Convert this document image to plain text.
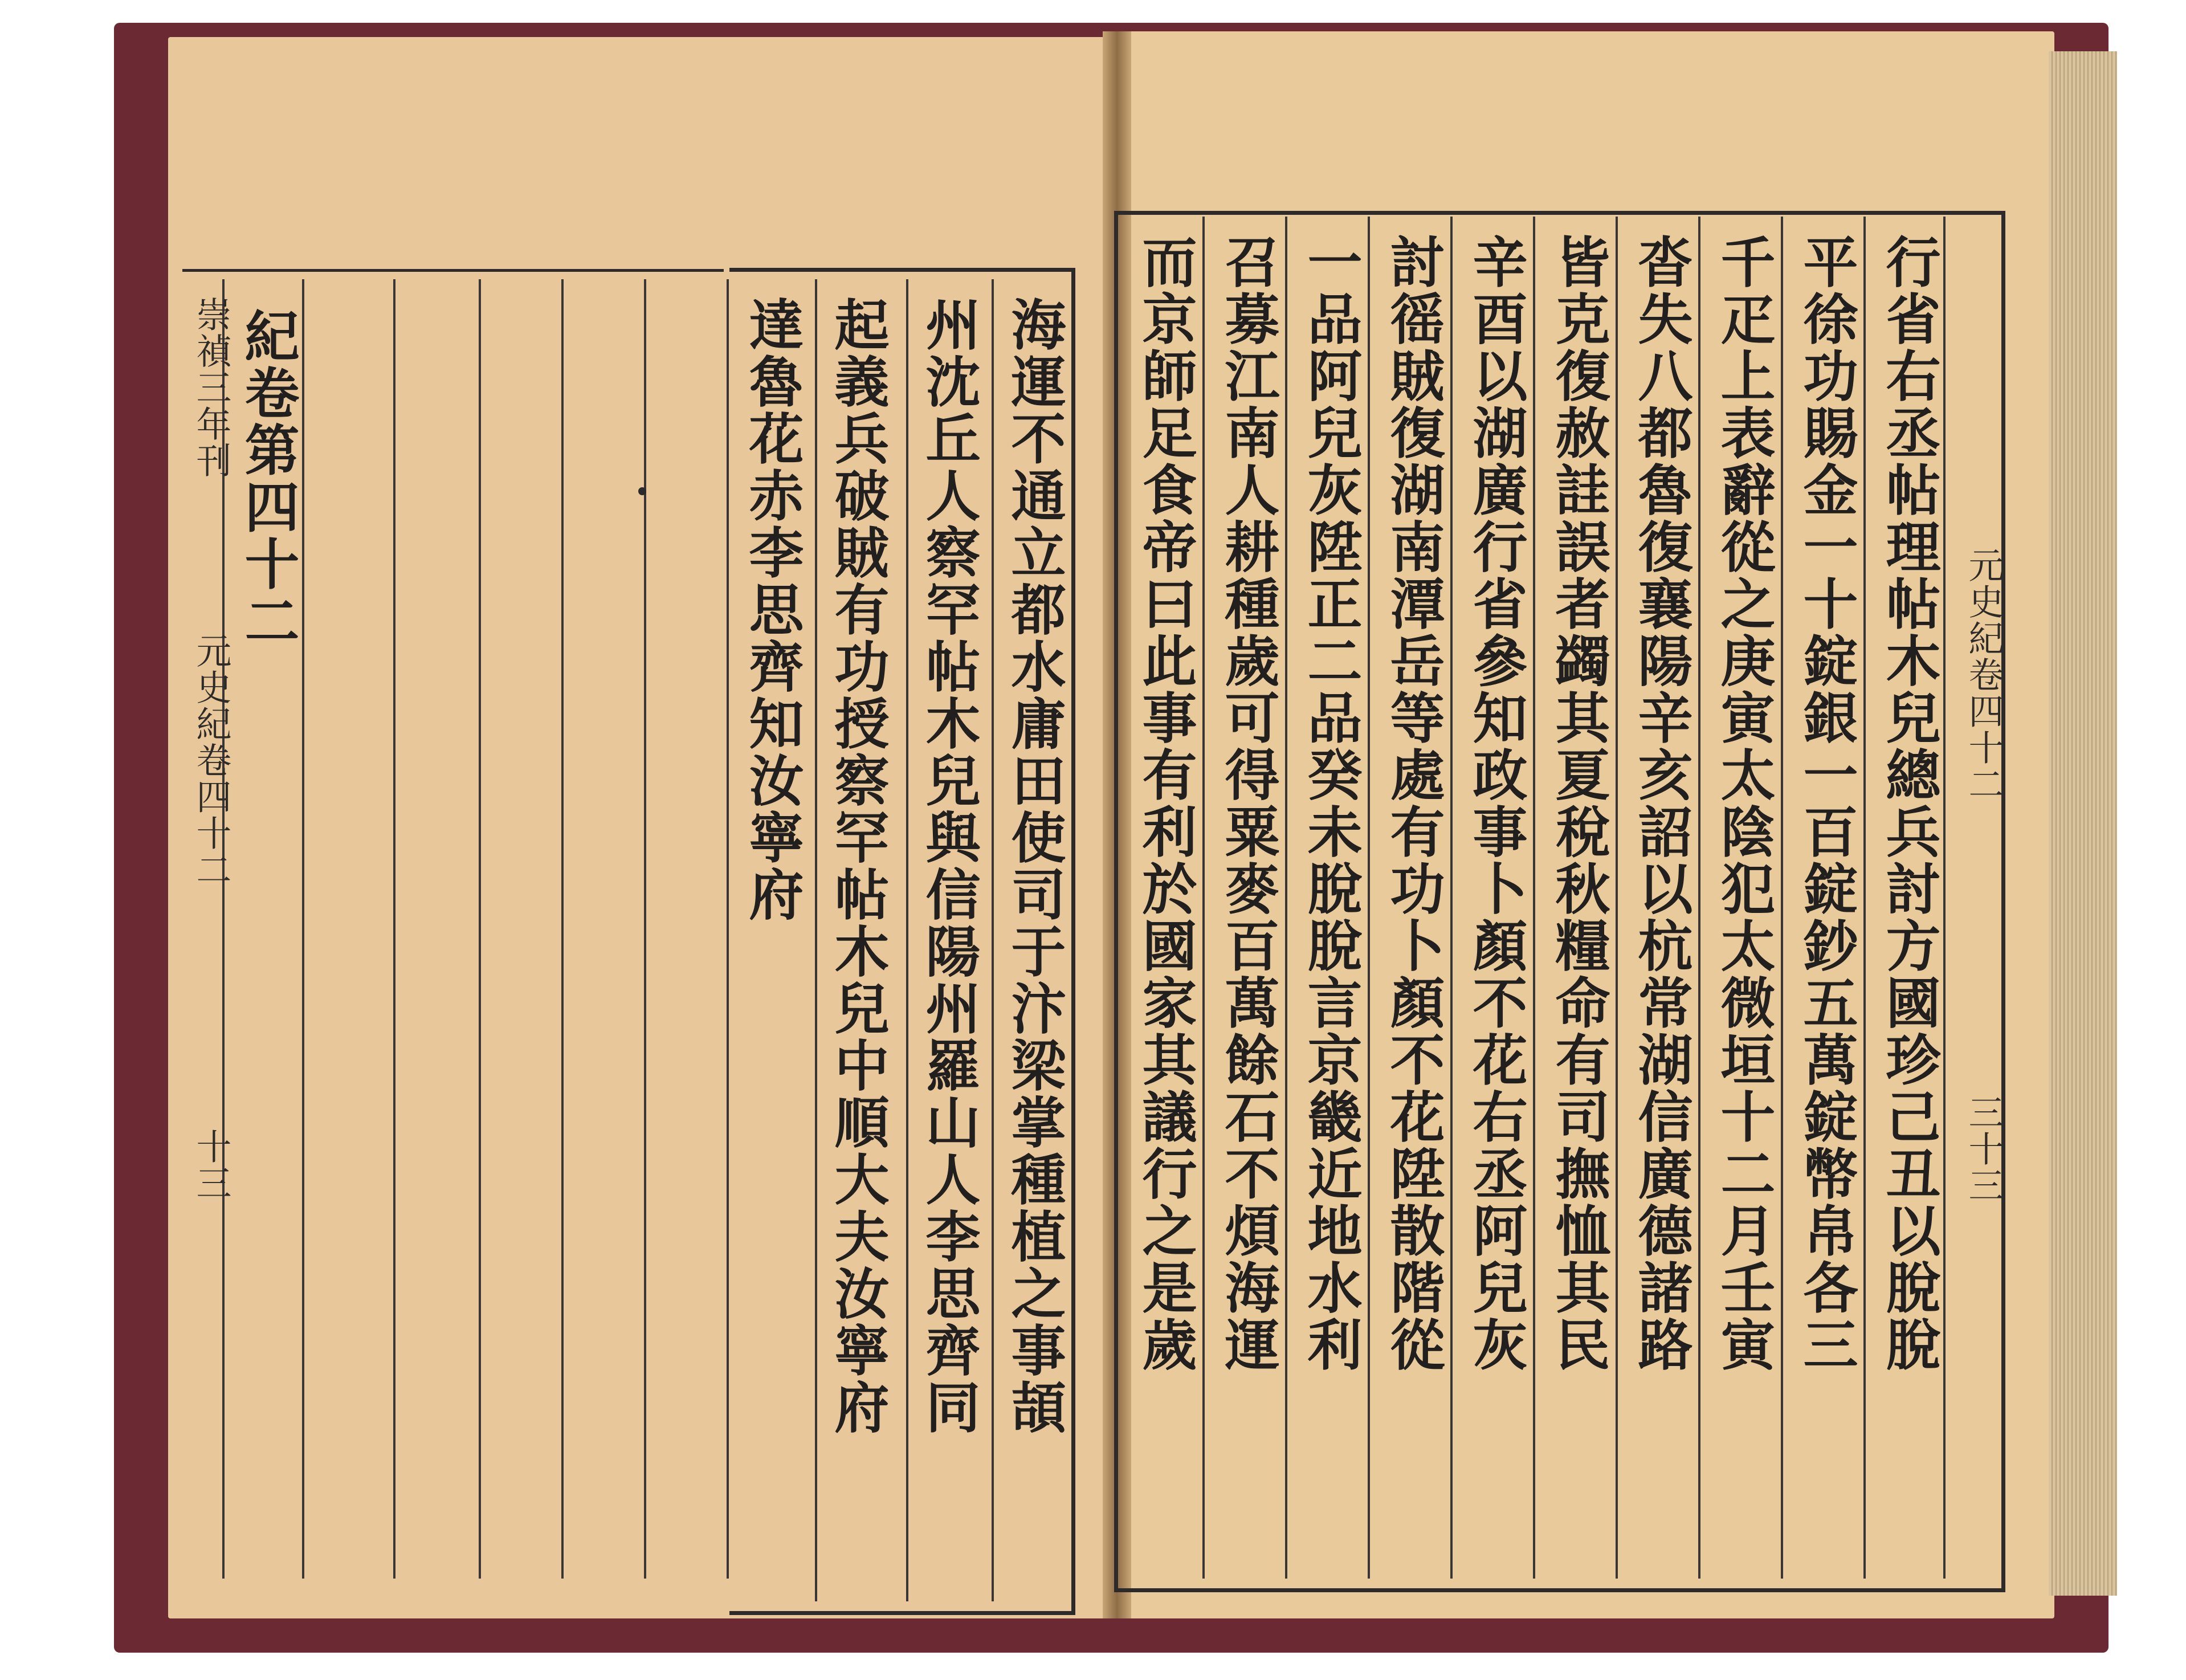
崇禎三年刊
元史紀卷四十二
十三
紀卷第四十二	達魯花赤李思齊知汝寧府 起義兵破賊有功授察罕帖木兒中順大夫汝寧府 州沈丘人察罕帖木兒與信陽州羅山人李思齊同 海運不通立都水庸田使司于汴梁掌種植之事頡 而京師足食帝曰此事有利於國家其議行之是歲 召募江南人耕種歲可得粟麥百萬餘石不煩海運 一品阿兒灰陞正二品癸未脫脫言京畿近地水利 討徭賊復湖南潭岳等處有功卜顏不花陞散階從 辛酉以湖廣行省參知政事卜顏不花右丞阿兒灰 皆克復赦詿誤者蠲其夏稅秋糧命有司撫恤其民 沓失八都魯復襄陽辛亥詔以杭常湖信廣德諸路 千疋上表辭從之庚寅太陰犯太微垣十二月壬寅 平徐功賜金一十錠銀一百錠鈔五萬錠幣帛各三 行省右丞帖理帖木兒總兵討方國珍己丑以脫脫 元史紀卷四十二
三十三
